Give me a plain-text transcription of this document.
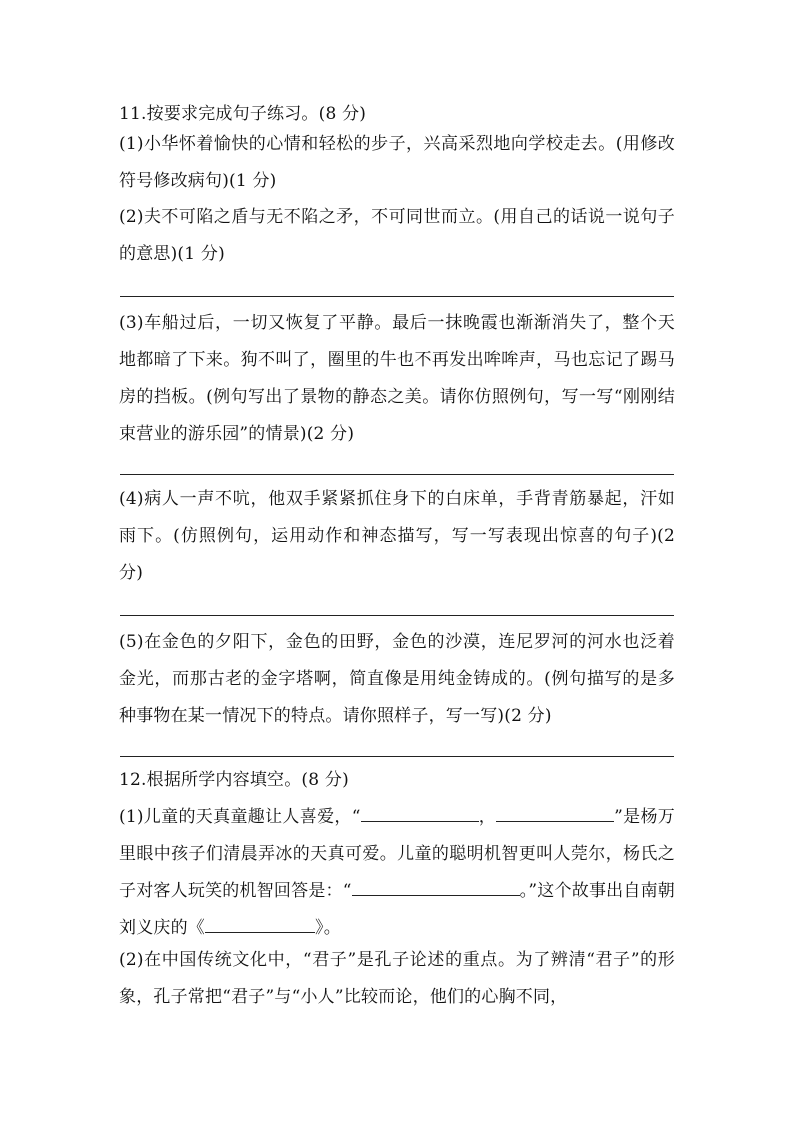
11.按要求完成句子练习。(8 分)
(1)小华怀着愉快的心情和轻松的步子，兴高采烈地向学校走去。(用修改符号修改病句)(1 分)
(2)夫不可陷之盾与无不陷之矛，不可同世而立。(用自己的话说一说句子的意思)(1 分)
(3)车船过后，一切又恢复了平静。最后一抹晚霞也渐渐消失了，整个天地都暗了下来。狗不叫了，圈里的牛也不再发出哞哞声，马也忘记了踢马房的挡板。(例句写出了景物的静态之美。请你仿照例句，写一写“刚刚结束营业的游乐园”的情景)(2 分)
(4)病人一声不吭，他双手紧紧抓住身下的白床单，手背青筋暴起，汗如雨下。(仿照例句，运用动作和神态描写，写一写表现出惊喜的句子)(2 分)
(5)在金色的夕阳下，金色的田野，金色的沙漠，连尼罗河的河水也泛着金光，而那古老的金字塔啊，简直像是用纯金铸成的。(例句描写的是多种事物在某一情况下的特点。请你照样子，写一写)(2 分)
12.根据所学内容填空。(8 分)
(1)儿童的天真童趣让人喜爱，“	，	”是杨万里眼中孩子们清晨弄冰的天真可爱。儿童的聪明机智更叫人莞尔，杨氏之子对客人玩笑的机智回答是：“	。”这个故事出自南朝刘义庆的《	》。
(2)在中国传统文化中，“君子”是孔子论述的重点。为了辨清“君子”的形象，孔子常把“君子”与“小人”比较而论，他们的心胸不同，
